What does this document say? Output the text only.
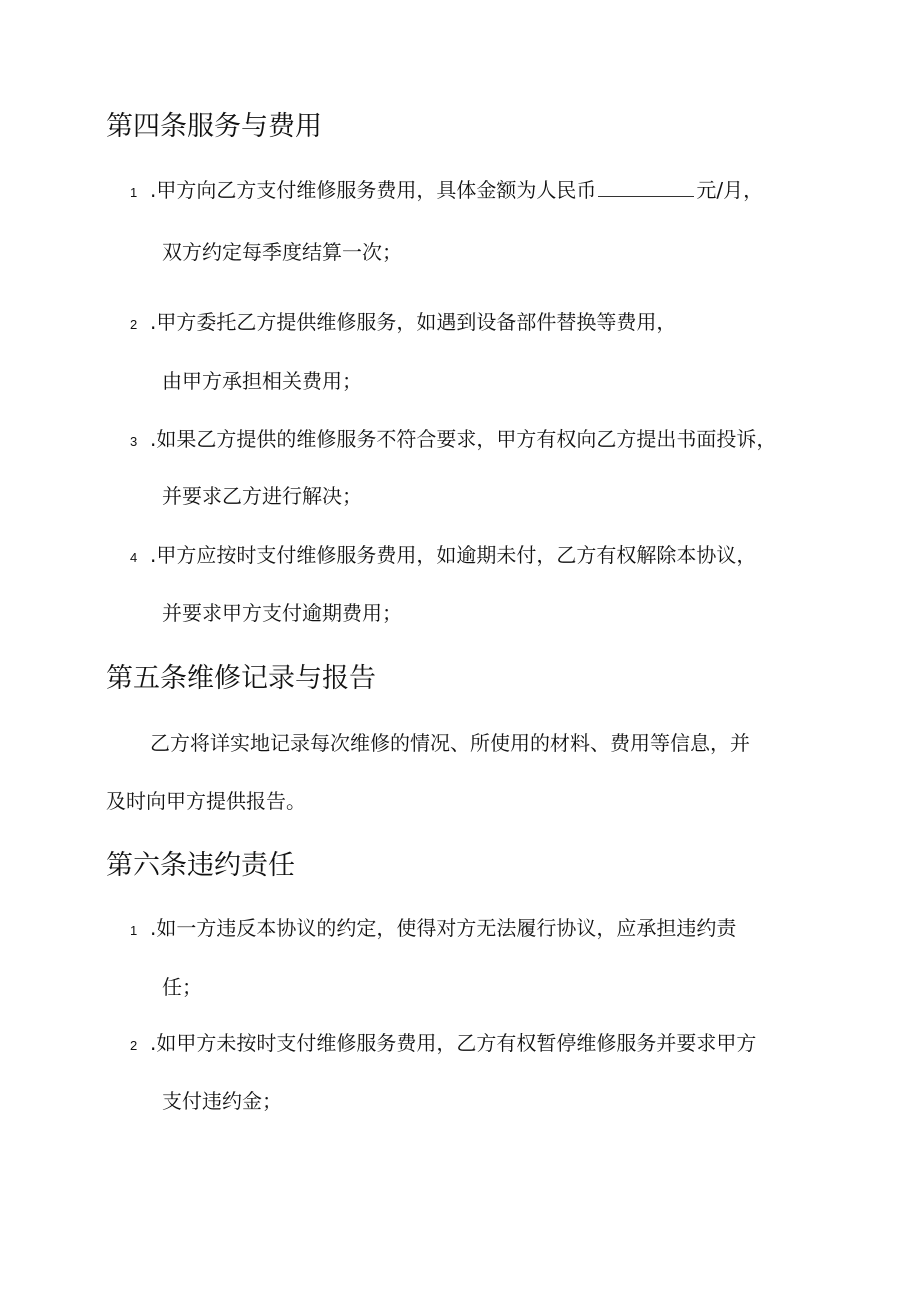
第四条服务与费用
1 .甲方向乙方支付维修服务费用，具体金额为人民币	元/月，
双方约定每季度结算一次；
2 .甲方委托乙方提供维修服务，如遇到设备部件替换等费用，
由甲方承担相关费用；
3 .如果乙方提供的维修服务不符合要求，甲方有权向乙方提出书面投诉，
并要求乙方进行解决；
4 .甲方应按时支付维修服务费用，如逾期未付，乙方有权解除本协议，
并要求甲方支付逾期费用；
第五条维修记录与报告
乙方将详实地记录每次维修的情况、所使用的材料、费用等信息，并
及时向甲方提供报告。
第六条违约责任
1 .如一方违反本协议的约定，使得对方无法履行协议，应承担违约责
任；
2 .如甲方未按时支付维修服务费用，乙方有权暂停维修服务并要求甲方
支付违约金；
